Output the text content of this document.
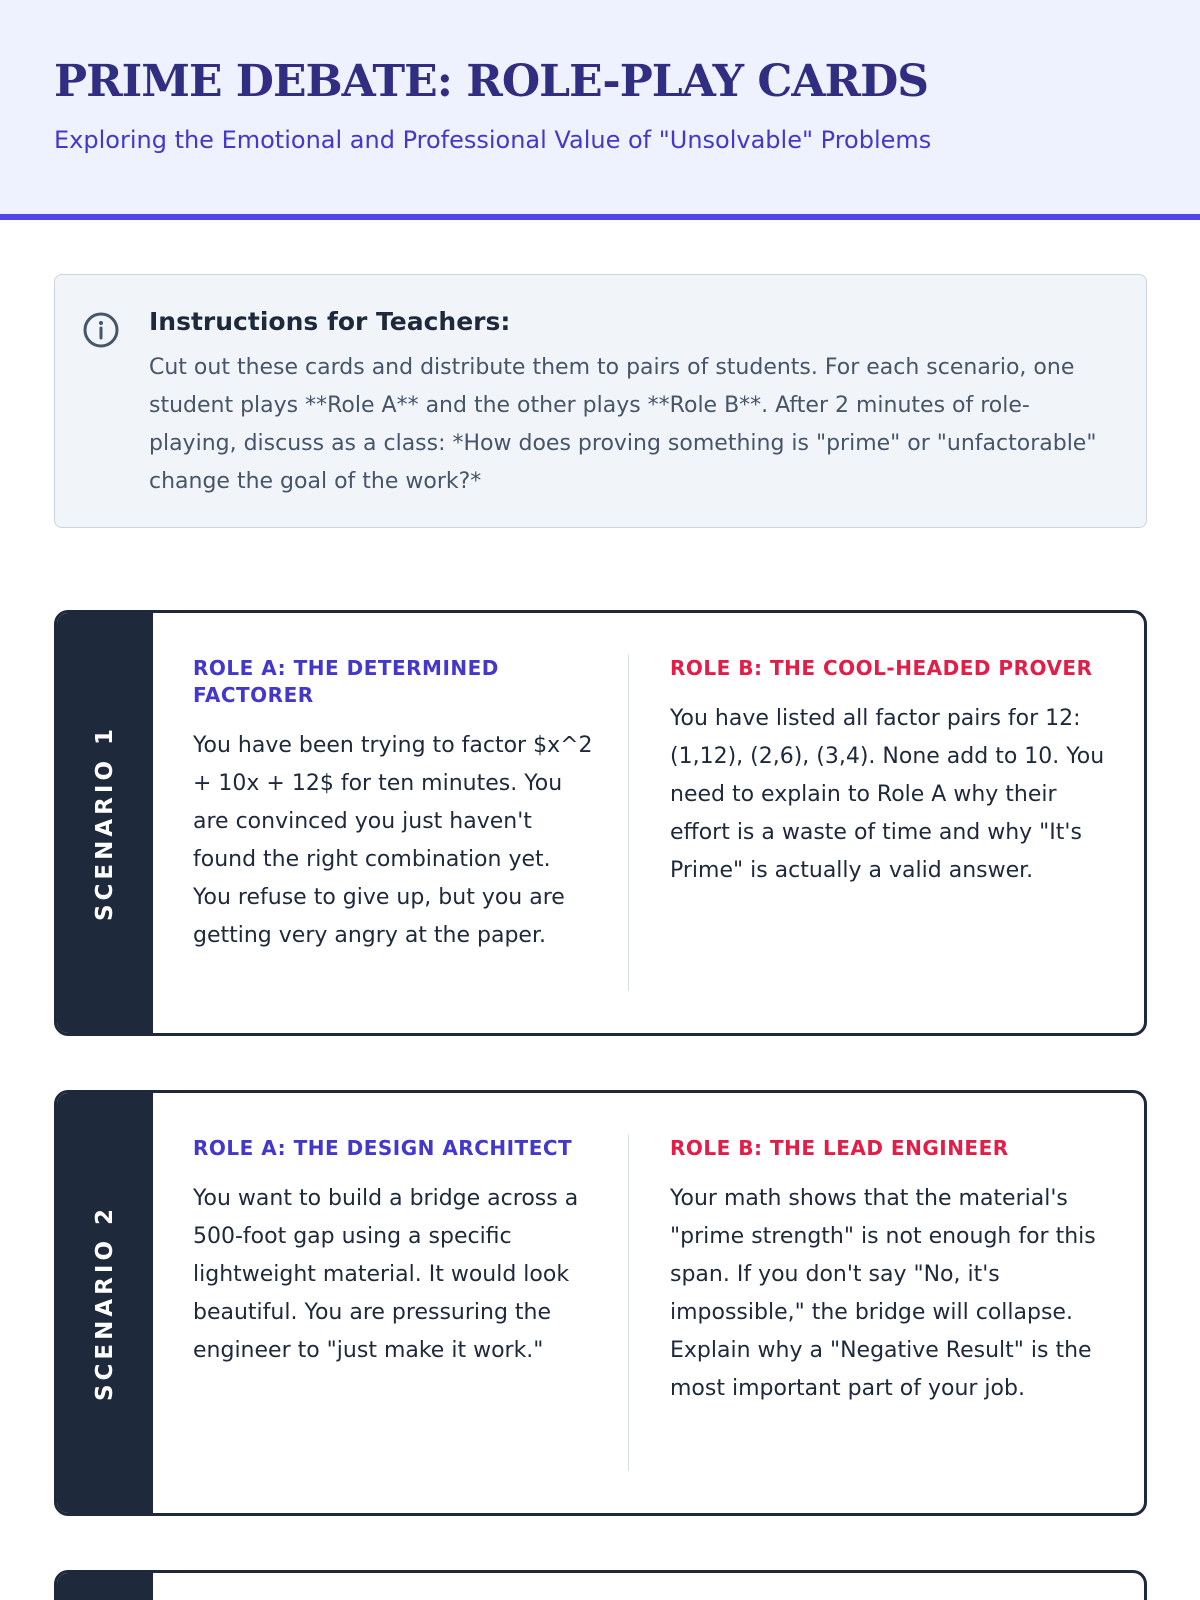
PRIME DEBATE: ROLE-PLAY CARDS
Exploring the Emotional and Professional Value of "Unsolvable" Problems
Instructions for Teachers:

Cut out these cards and distribute them to pairs of students. For each scenario, one student plays **Role A** and the other plays **Role B**. After 2 minutes of role-playing, discuss as a class: *How does proving something is "prime" or "unfactorable" change the goal of the work?*

SCENARIO 1
ROLE A: THE DETERMINED FACTORER

You have been trying to factor $x^2 + 10x + 12$ for ten minutes. You are convinced you just haven't found the right combination yet. You refuse to give up, but you are getting very angry at the paper.

ROLE B: THE COOL-HEADED PROVER

You have listed all factor pairs for 12: (1,12), (2,6), (3,4). None add to 10. You need to explain to Role A why their effort is a waste of time and why "It's Prime" is actually a valid answer.

SCENARIO 2
ROLE A: THE DESIGN ARCHITECT

You want to build a bridge across a 500-foot gap using a specific lightweight material. It would look beautiful. You are pressuring the engineer to "just make it work."

ROLE B: THE LEAD ENGINEER

Your math shows that the material's "prime strength" is not enough for this span. If you don't say "No, it's impossible," the bridge will collapse. Explain why a "Negative Result" is the most important part of your job.
